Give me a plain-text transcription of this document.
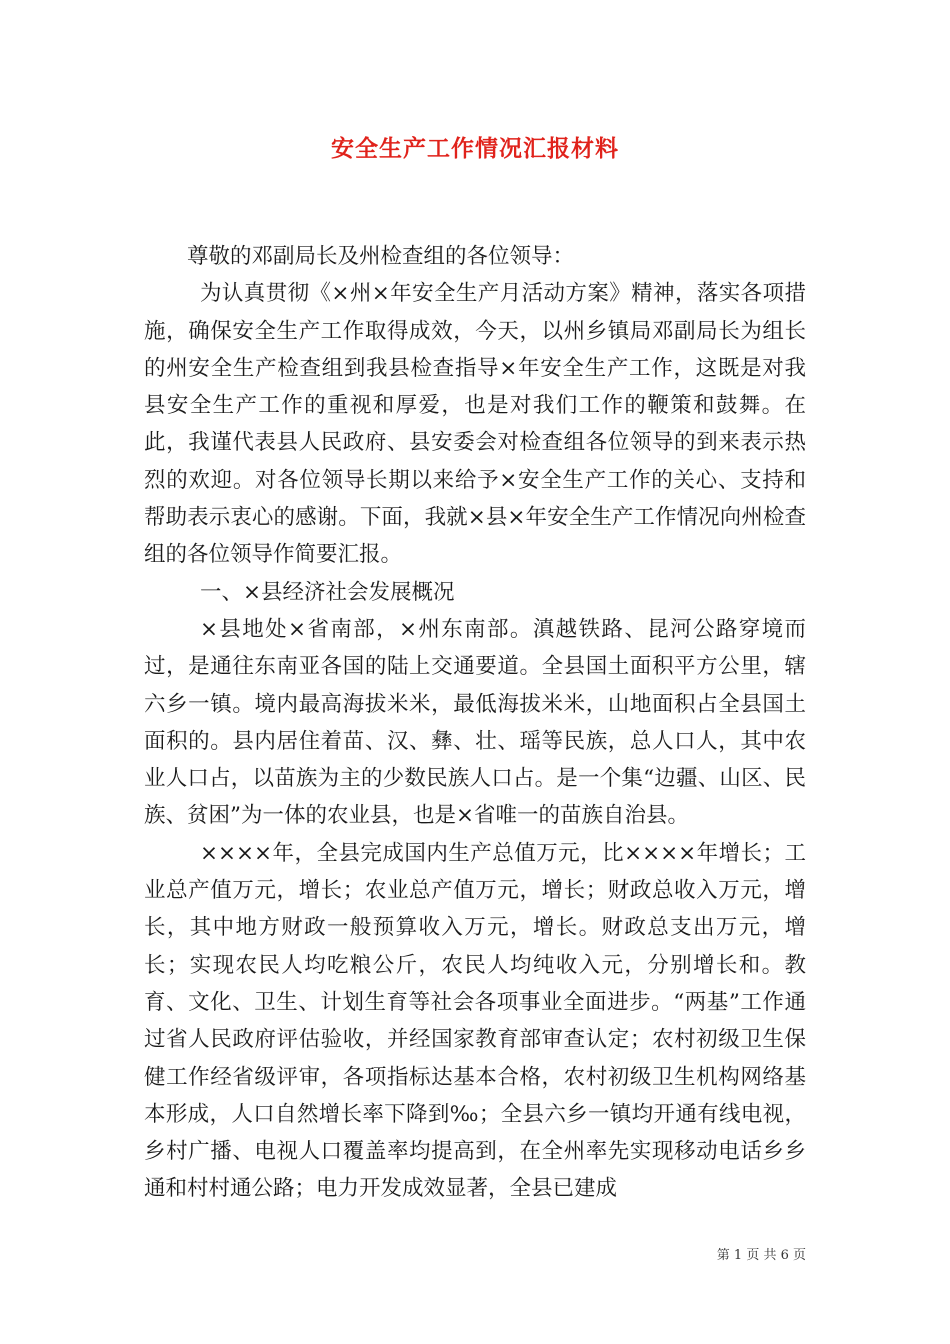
安全生产工作情况汇报材料

尊敬的邓副局长及州检查组的各位领导：

为认真贯彻《×州×年安全生产月活动方案》精神，落实各项措施，确保安全生产工作取得成效，今天，以州乡镇局邓副局长为组长的州安全生产检查组到我县检查指导×年安全生产工作，这既是对我县安全生产工作的重视和厚爱，也是对我们工作的鞭策和鼓舞。在此，我谨代表县人民政府、县安委会对检查组各位领导的到来表示热烈的欢迎。对各位领导长期以来给予×安全生产工作的关心、支持和帮助表示衷心的感谢。下面，我就×县×年安全生产工作情况向州检查组的各位领导作简要汇报。

一、×县经济社会发展概况

×县地处×省南部，×州东南部。滇越铁路、昆河公路穿境而过，是通往东南亚各国的陆上交通要道。全县国土面积平方公里，辖六乡一镇。境内最高海拔米米，最低海拔米米，山地面积占全县国土面积的。县内居住着苗、汉、彝、壮、瑶等民族，总人口人，其中农业人口占，以苗族为主的少数民族人口占。是一个集“边疆、山区、民族、贫困”为一体的农业县，也是×省唯一的苗族自治县。

××××年，全县完成国内生产总值万元，比××××年增长；工业总产值万元，增长；农业总产值万元，增长；财政总收入万元，增长，其中地方财政一般预算收入万元，增长。财政总支出万元，增长；实现农民人均吃粮公斤，农民人均纯收入元，分别增长和。教育、文化、卫生、计划生育等社会各项事业全面进步。“两基”工作通过省人民政府评估验收，并经国家教育部审查认定；农村初级卫生保健工作经省级评审，各项指标达基本合格，农村初级卫生机构网络基本形成，人口自然增长率下降到‰；全县六乡一镇均开通有线电视，乡村广播、电视人口覆盖率均提高到，在全州率先实现移动电话乡乡通和村村通公路；电力开发成效显著，全县已建成

第 1 页 共 6 页
